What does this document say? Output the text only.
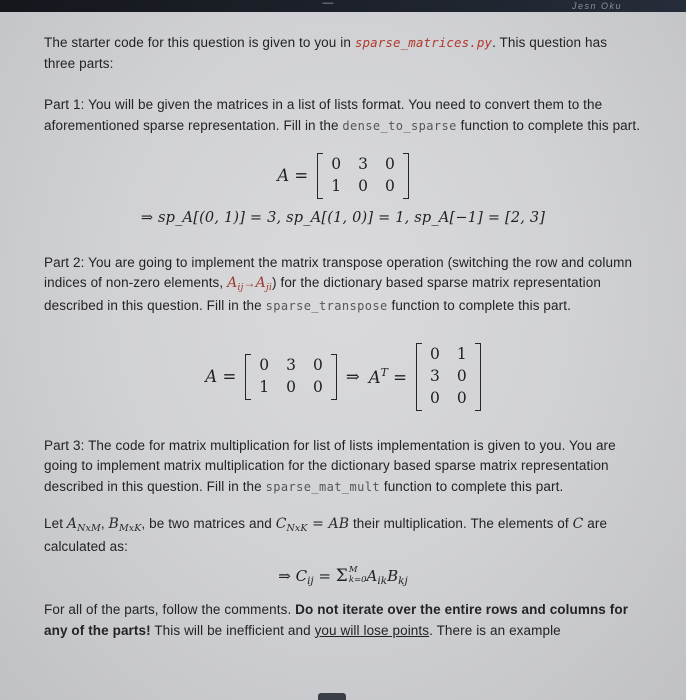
—	Jesn Oku

The starter code for this question is given to you in sparse_matrices.py. This question has three parts:

Part 1: You will be given the matrices in a list of lists format. You need to convert them to the aforementioned sparse representation. Fill in the dense_to_sparse function to complete this part.

A =
0 3 0
1 0 0
⇒ sp_A[(0, 1)] = 3, sp_A[(1, 0)] = 1, sp_A[−1] = [2, 3]

Part 2: You are going to implement the matrix transpose operation (switching the row and column indices of non-zero elements, $A_{ij}\to A_{ji}$) for the dictionary based sparse matrix representation described in this question. Fill in the sparse_transpose function to complete this part.

A =
0 3 0
1 0 0
⇒ $A^T$ =
0 1
3 0
0 0

Part 3: The code for matrix multiplication for list of lists implementation is given to you. You are going to implement matrix multiplication for the dictionary based sparse matrix representation described in this question. Fill in the sparse_mat_mult function to complete this part.

Let $A_{NxM}$, $B_{MxK}$, be two matrices and $C_{NxK}$ = AB their multiplication. The elements of C are calculated as:

⇒ Cij = Σ M
k=0 AikBkj

For all of the parts, follow the comments. Do not iterate over the entire rows and columns for any of the parts! This will be inefficient and you will lose points. There is an example
